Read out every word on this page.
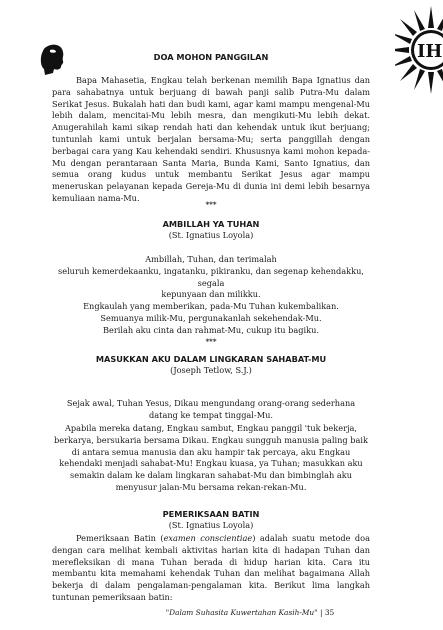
IH
DOA MOHON PANGGILAN
Bapa Mahasetia, Engkau telah berkenan memilih Bapa Ignatius dan para sahabatnya untuk berjuang di bawah panji salib Putra-Mu dalam Serikat Jesus. Bukalah hati dan budi kami, agar kami mampu mengenal-Mu lebih dalam, mencitai-Mu lebih mesra, dan mengikuti-Mu lebih dekat. Anugerahilah kami sikap rendah hati dan kehendak untuk ikut berjuang; tuntunlah kami untuk berjalan bersama-Mu; serta panggillah dengan berbagai cara yang Kau kehendaki sendiri. Khususnya kami mohon kepada-Mu dengan perantaraan Santa Maria, Bunda Kami, Santo Ignatius, dan semua orang kudus untuk membantu Serikat Jesus agar mampu meneruskan pelayanan kepada Gereja-Mu di dunia ini demi lebih besarnya kemuliaan nama-Mu.
***
AMBILLAH YA TUHAN
(St. Ignatius Loyola)
Ambillah, Tuhan, dan terimalah
seluruh kemerdekaanku, ingatanku, pikiranku, dan segenap kehendakku, segala
kepunyaan dan milikku.
Engkaulah yang memberikan, pada-Mu Tuhan kukembalikan.
Semuanya milik-Mu, pergunakanlah sekehendak-Mu.
Berilah aku cinta dan rahmat-Mu, cukup itu bagiku.
***
MASUKKAN AKU DALAM LINGKARAN SAHABAT-MU
(Joseph Tetlow, S.J.)
Sejak awal, Tuhan Yesus, Dikau mengundang orang-orang sederhana datang ke tempat tinggal-Mu.
Apabila mereka datang, Engkau sambut, Engkau panggil 'tuk bekerja, berkarya, bersukaria bersama Dikau. Engkau sungguh manusia paling baik di antara semua manusia dan aku hampir tak percaya, aku Engkau kehendaki menjadi sahabat-Mu! Engkau kuasa, ya Tuhan; masukkan aku semakin dalam ke dalam lingkaran sahabat-Mu dan bimbinglah aku menyusur jalan-Mu bersama rekan-rekan-Mu.
PEMERIKSAAN BATIN
(St. Ignatius Loyola)
Pemeriksaan Batin (examen conscientiae) adalah suatu metode doa dengan cara melihat kembali aktivitas harian kita di hadapan Tuhan dan merefleksikan di mana Tuhan berada di hidup harian kita. Cara itu membantu kita memahami kehendak Tuhan dan melihat bagaimana Allah bekerja di dalam pengalaman-pengalaman kita. Berikut lima langkah tuntunan pemeriksaan batin:
"Dalam Suhasita Kuwertahan Kasih-Mu" | 35
